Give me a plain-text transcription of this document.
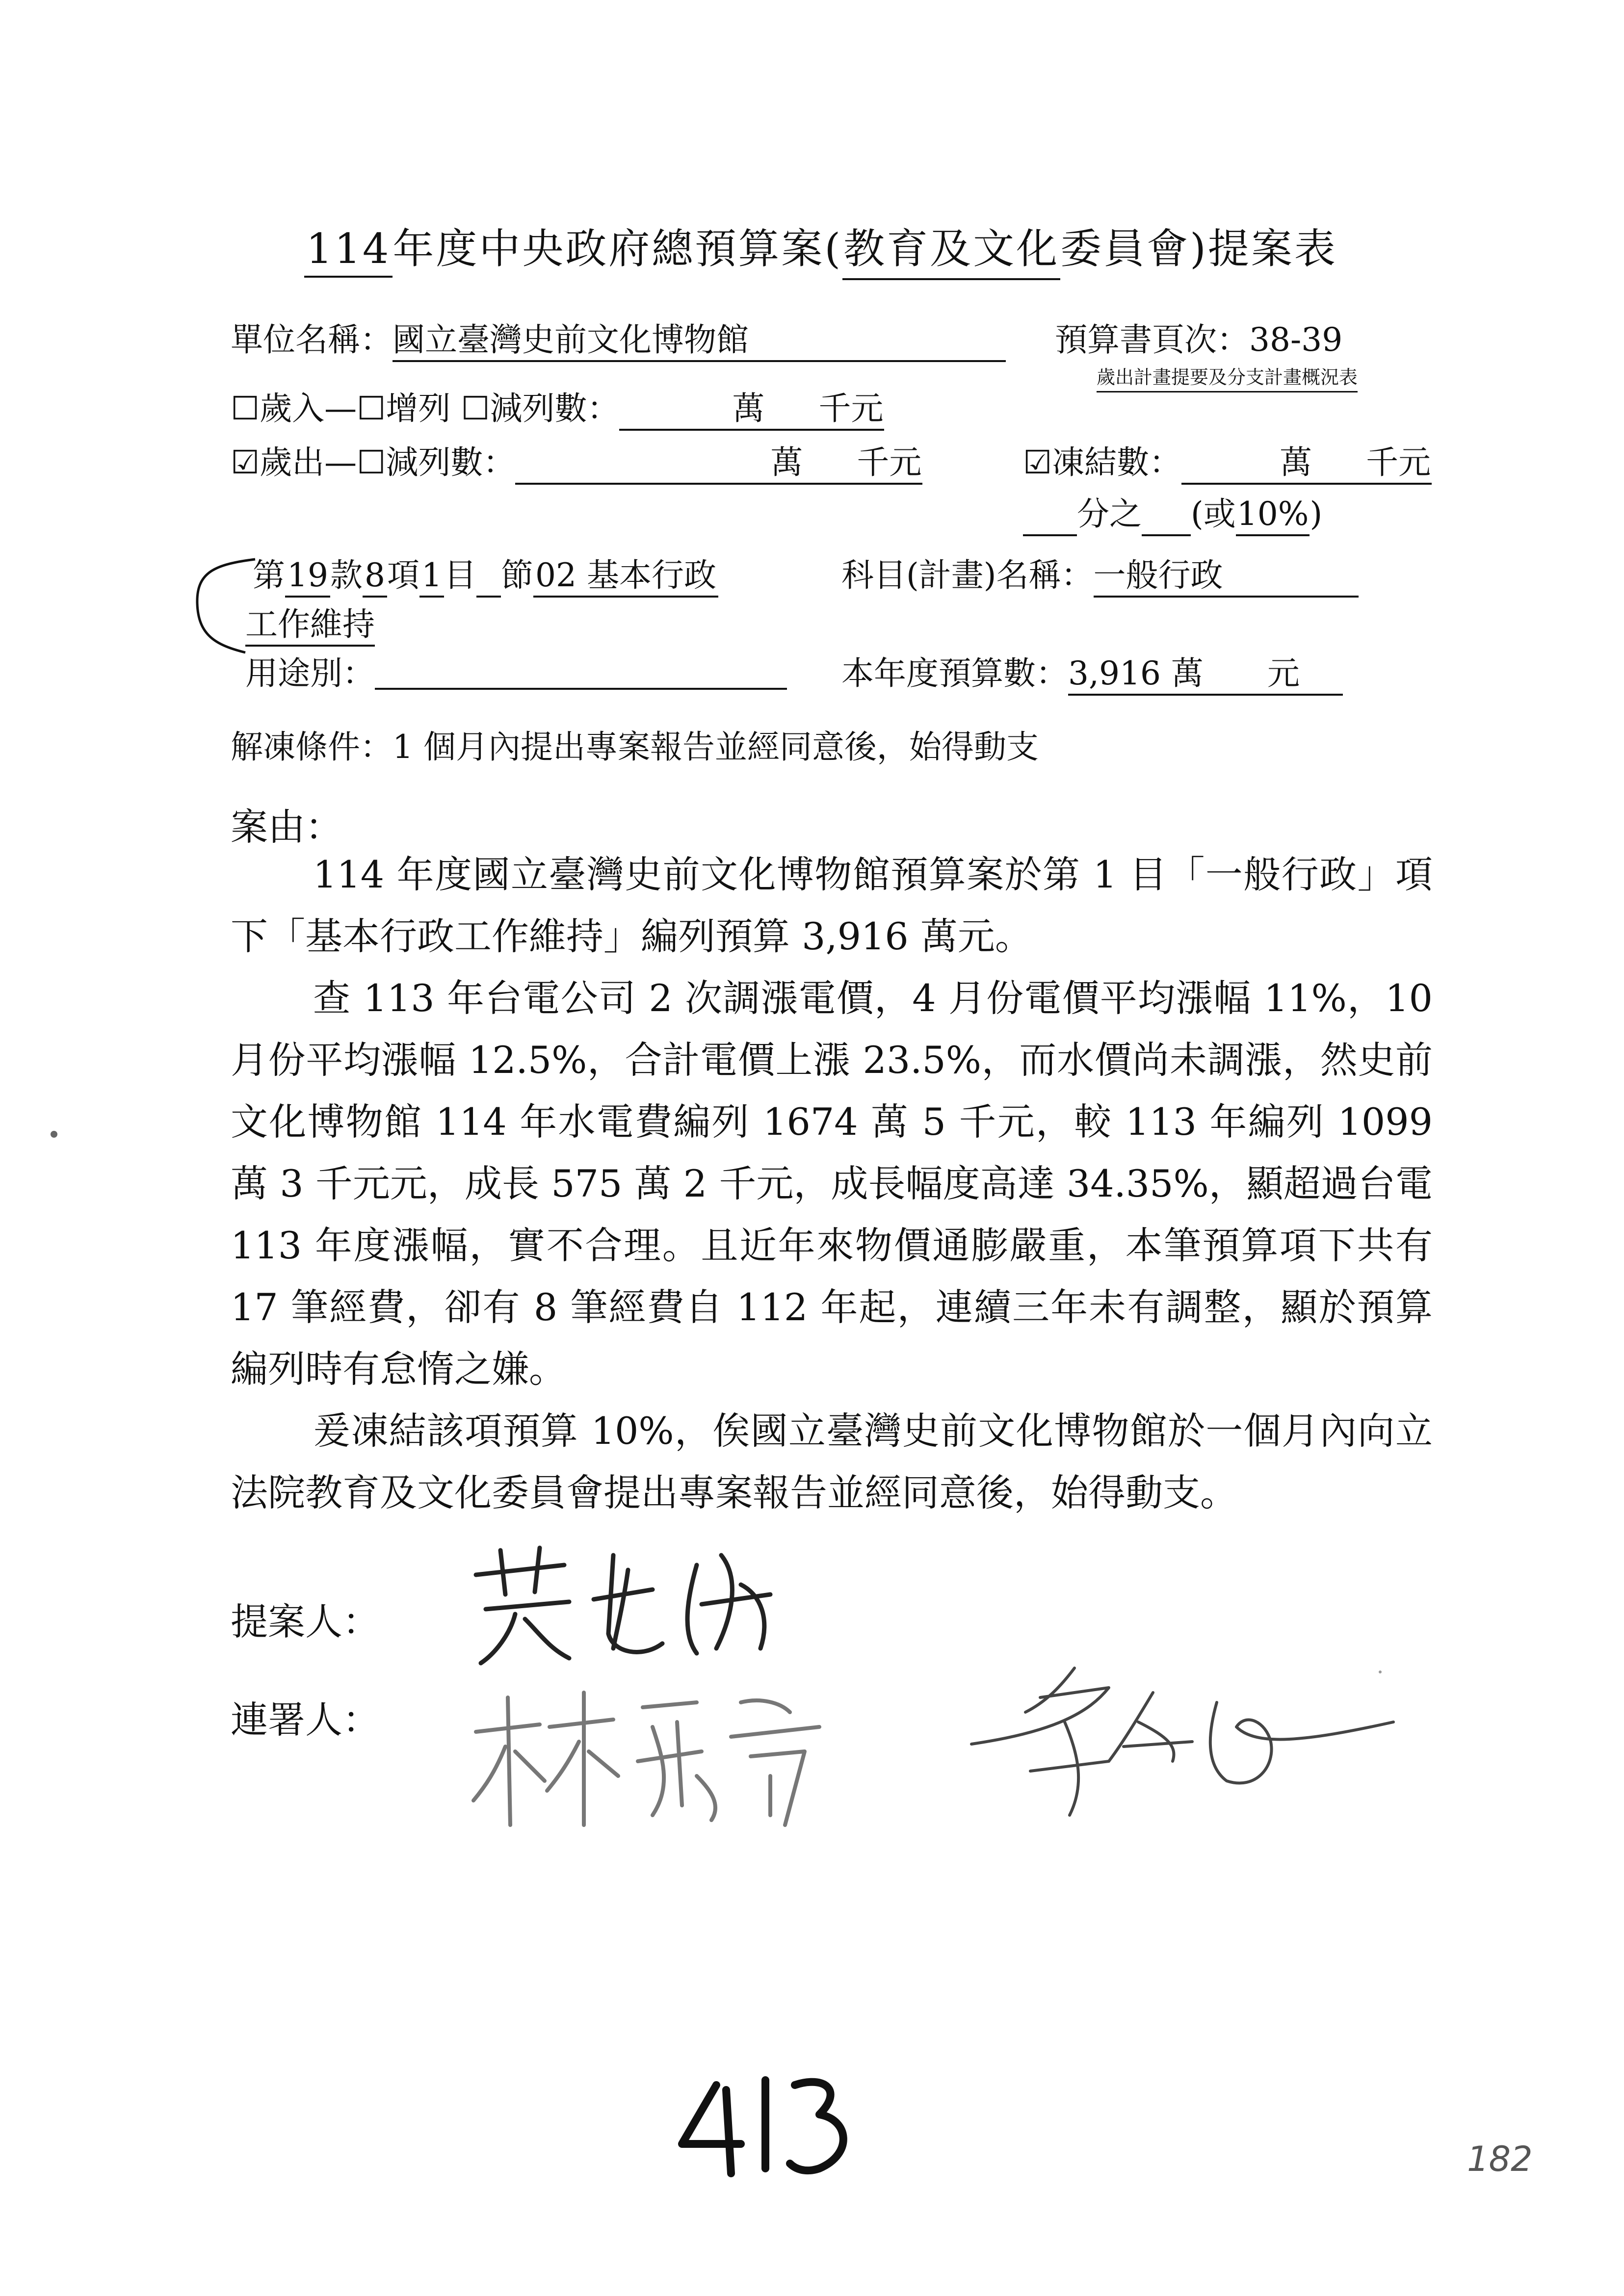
114年度中央政府總預算案(教育及文化委員會)提案表
單位名稱：國立臺灣史前文化博物館	預算書頁次：38-39
歲出計畫提要及分支計畫概況表
☐歲入—☐增列 ☐減列數：	萬 千元
☑歲出—☐減列數：	萬 千元	☑凍結數：	萬 千元
分之 (或10%)
第19款8項1目 節02 基本行政	科目(計畫)名稱：一般行政
工作維持
用途別：	本年度預算數：3,916 萬 元
解凍條件：1 個月內提出專案報告並經同意後，始得動支
案由：

114 年度國立臺灣史前文化博物館預算案於第 1 目「一般行政」項下「基本行政工作維持」編列預算 3,916 萬元。

查 113 年台電公司 2 次調漲電價，4 月份電價平均漲幅 11%，10 月份平均漲幅 12.5%，合計電價上漲 23.5%，而水價尚未調漲，然史前文化博物館 114 年水電費編列 1674 萬 5 千元，較 113 年編列 1099 萬 3 千元元，成長 575 萬 2 千元，成長幅度高達 34.35%，顯超過台電 113 年度漲幅，實不合理。且近年來物價通膨嚴重，本筆預算項下共有 17 筆經費，卻有 8 筆經費自 112 年起，連續三年未有調整，顯於預算編列時有怠惰之嫌。

爰凍結該項預算 10%，俟國立臺灣史前文化博物館於一個月內向立法院教育及文化委員會提出專案報告並經同意後，始得動支。

提案人：
連署人：
182
